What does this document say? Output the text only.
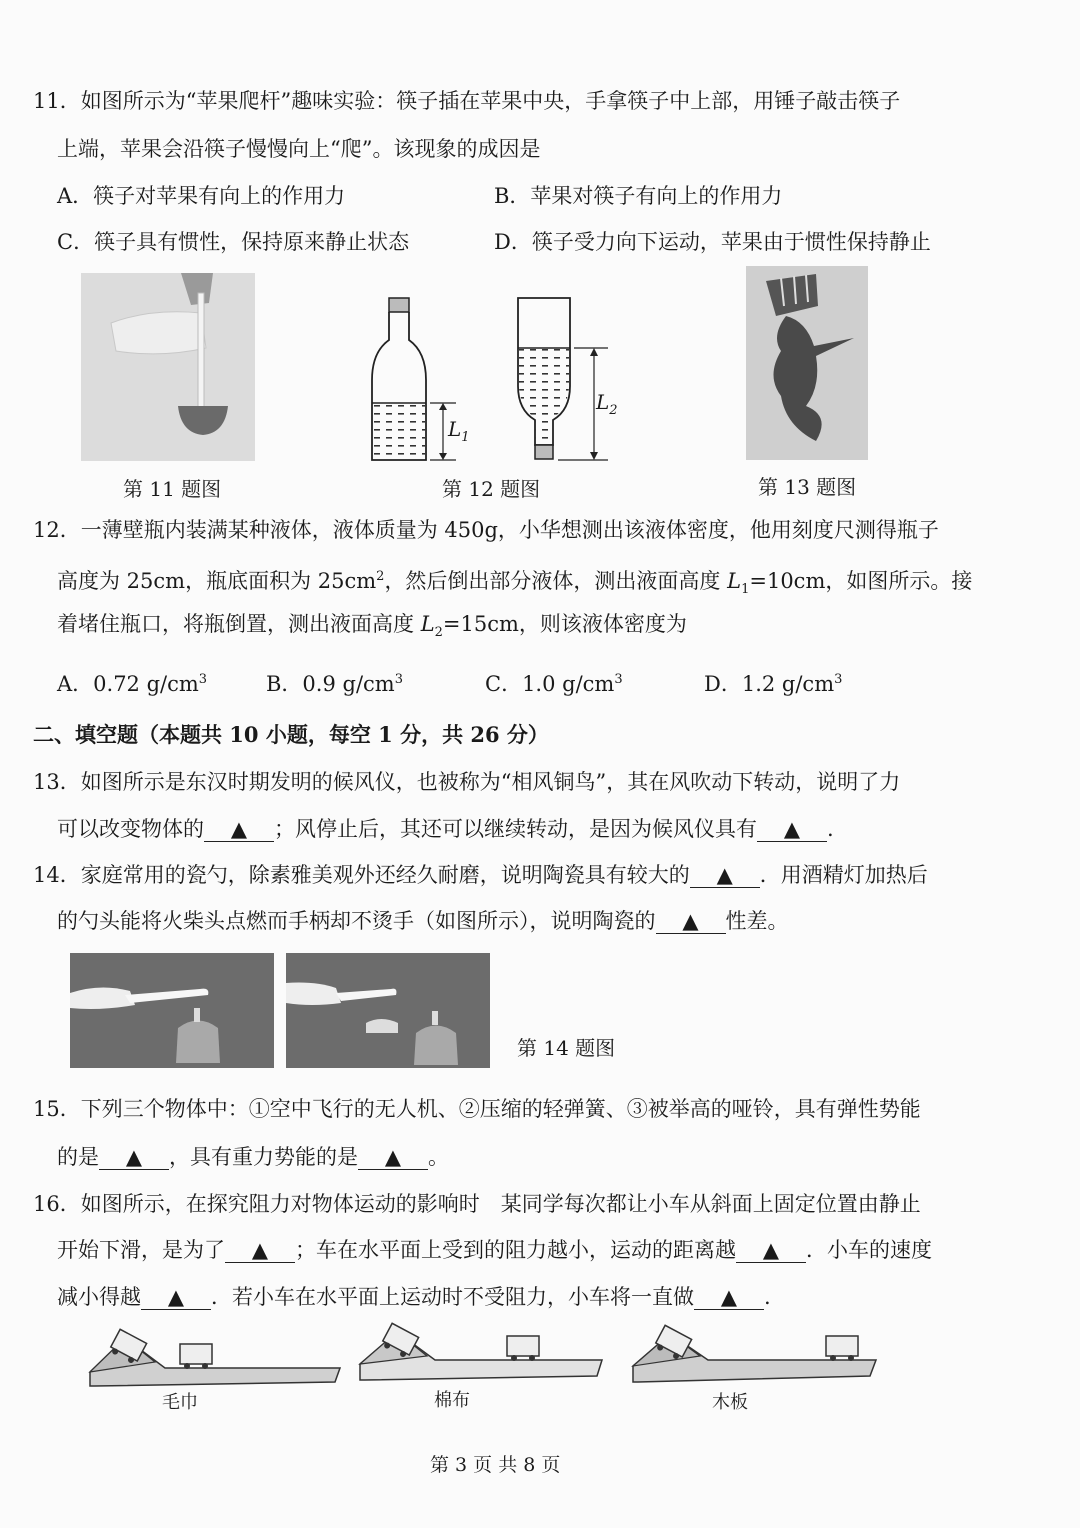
11．如图所示为“苹果爬杆”趣味实验：筷子插在苹果中央，手拿筷子中上部，用锤子敲击筷子
上端，苹果会沿筷子慢慢向上“爬”。该现象的成因是
A．筷子对苹果有向上的作用力	B．苹果对筷子有向上的作用力
C．筷子具有惯性，保持原来静止状态	D．筷子受力向下运动，苹果由于惯性保持静止
第 11 题图
$L_1$
$L_2$
第 12 题图	第 13 题图
12．一薄壁瓶内装满某种液体，液体质量为 450g，小华想测出该液体密度，他用刻度尺测得瓶子
高度为 25cm，瓶底面积为 $25cm^2$，然后倒出部分液体，测出液面高度 $L_1=10cm$，如图所示。接
着堵住瓶口，将瓶倒置，测出液面高度 $L_2=15cm$，则该液体密度为
A．0.72 $g/cm^3$	B．0.9 $g/cm^3$	C．1.0 $g/cm^3$	D．1.2 $g/cm^3$
二、填空题（本题共 10 小题，每空 1 分，共 26 分）
13．如图所示是东汉时期发明的候风仪，也被称为“相风铜鸟”，其在风吹动下转动，说明了力
可以改变物体的 ▲ ；风停止后，其还可以继续转动，是因为候风仪具有 ▲ .
14．家庭常用的瓷勺，除素雅美观外还经久耐磨，说明陶瓷具有较大的 ▲ ．用酒精灯加热后
的勺头能将火柴头点燃而手柄却不烫手（如图所示），说明陶瓷的 ▲ 性差。
第 14 题图
15．下列三个物体中：①空中飞行的无人机、②压缩的轻弹簧、③被举高的哑铃，具有弹性势能
的是 ▲ ，具有重力势能的是 ▲ 。
16．如图所示，在探究阻力对物体运动的影响时　某同学每次都让小车从斜面上固定位置由静止
开始下滑，是为了 ▲ ；车在水平面上受到的阻力越小，运动的距离越 ▲ ．小车的速度
减小得越 ▲ ．若小车在水平面上运动时不受阻力，小车将一直做 ▲ .
毛巾	棉布	木板
第 3 页 共 8 页
